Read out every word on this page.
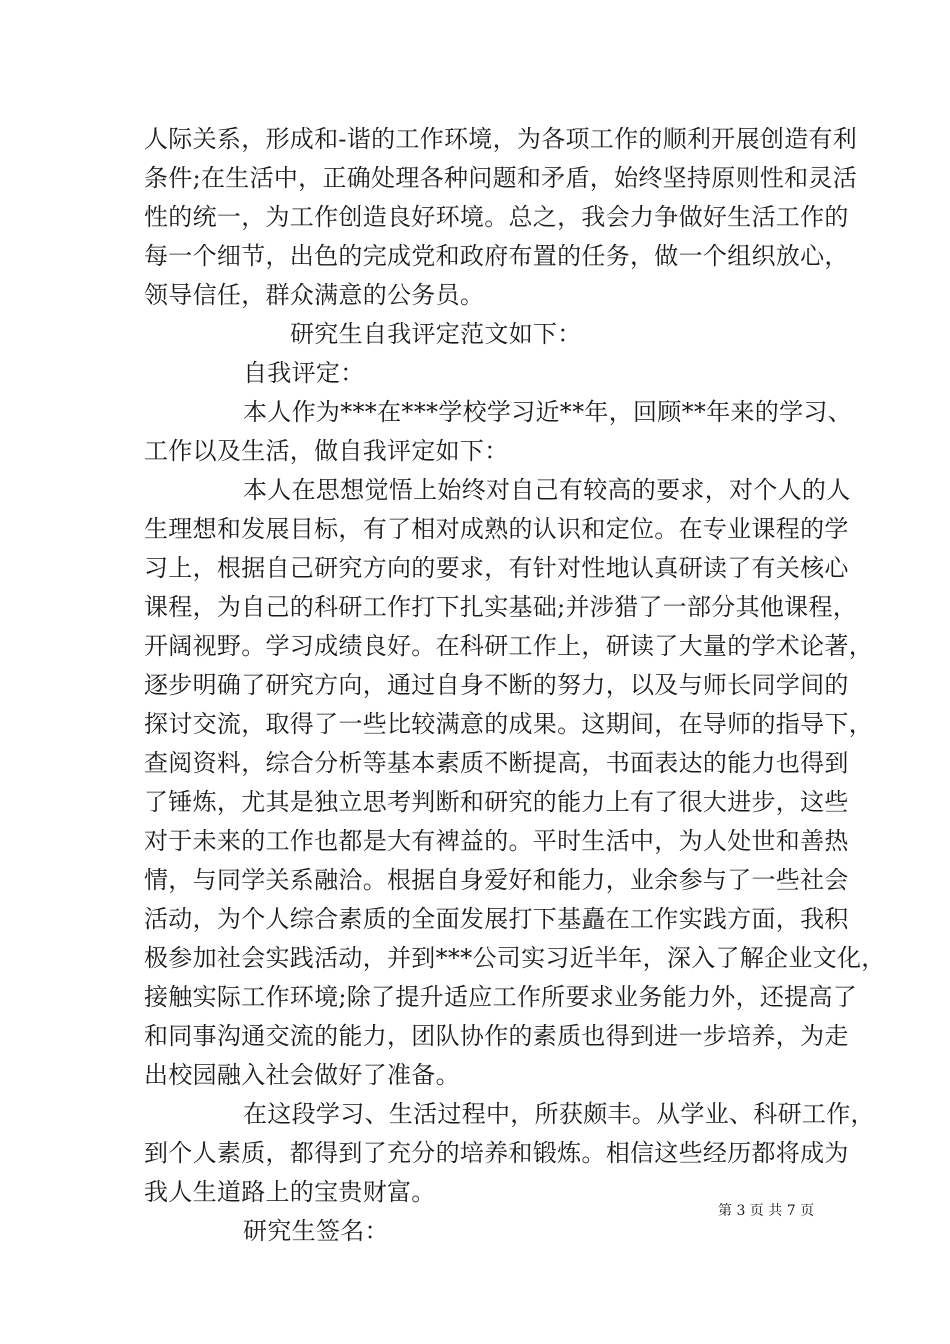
人际关系，形成和-谐的工作环境，为各项工作的顺利开展创造有利
条件;在生活中，正确处理各种问题和矛盾，始终坚持原则性和灵活
性的统一，为工作创造良好环境。总之，我会力争做好生活工作的
每一个细节，出色的完成党和政府布置的任务，做一个组织放心，
领导信任，群众满意的公务员。
研究生自我评定范文如下：
自我评定：
本人作为***在***学校学习近**年，回顾**年来的学习、
工作以及生活，做自我评定如下：
本人在思想觉悟上始终对自己有较高的要求，对个人的人
生理想和发展目标，有了相对成熟的认识和定位。在专业课程的学
习上，根据自己研究方向的要求，有针对性地认真研读了有关核心
课程，为自己的科研工作打下扎实基础;并涉猎了一部分其他课程，
开阔视野。学习成绩良好。在科研工作上，研读了大量的学术论著，
逐步明确了研究方向，通过自身不断的努力，以及与师长同学间的
探讨交流，取得了一些比较满意的成果。这期间，在导师的指导下，
查阅资料，综合分析等基本素质不断提高，书面表达的能力也得到
了锤炼，尤其是独立思考判断和研究的能力上有了很大进步，这些
对于未来的工作也都是大有裨益的。平时生活中，为人处世和善热
情，与同学关系融洽。根据自身爱好和能力，业余参与了一些社会
活动，为个人综合素质的全面发展打下基矗在工作实践方面，我积
极参加社会实践活动，并到***公司实习近半年，深入了解企业文化，
接触实际工作环境;除了提升适应工作所要求业务能力外，还提高了
和同事沟通交流的能力，团队协作的素质也得到进一步培养，为走
出校园融入社会做好了准备。
在这段学习、生活过程中，所获颇丰。从学业、科研工作，
到个人素质，都得到了充分的培养和锻炼。相信这些经历都将成为
我人生道路上的宝贵财富。
研究生签名：
第 3 页 共 7 页
